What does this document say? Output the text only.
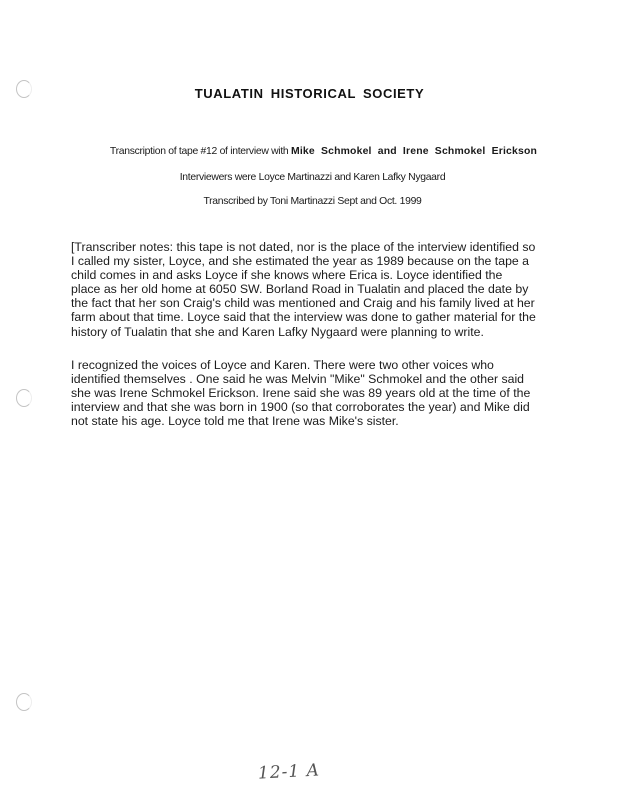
TUALATIN HISTORICAL SOCIETY
Transcription of tape #12 of interview with Mike Schmokel and Irene Schmokel Erickson
Interviewers were Loyce Martinazzi and Karen Lafky Nygaard
Transcribed by Toni Martinazzi Sept and Oct. 1999

[Transcriber notes: this tape is not dated, nor is the place of the interview identified so
I called my sister, Loyce, and she estimated the year as 1989 because on the tape a
child comes in and asks Loyce if she knows where Erica is. Loyce identified the
place as her old home at 6050 SW. Borland Road in Tualatin and placed the date by
the fact that her son Craig's child was mentioned and Craig and his family lived at her
farm about that time. Loyce said that the interview was done to gather material for the
history of Tualatin that she and Karen Lafky Nygaard were planning to write.

I recognized the voices of Loyce and Karen. There were two other voices who
identified themselves . One said he was Melvin "Mike" Schmokel and the other said
she was Irene Schmokel Erickson. Irene said she was 89 years old at the time of the
interview and that she was born in 1900 (so that corroborates the year) and Mike did
not state his age. Loyce told me that Irene was Mike's sister.

12-1 A
